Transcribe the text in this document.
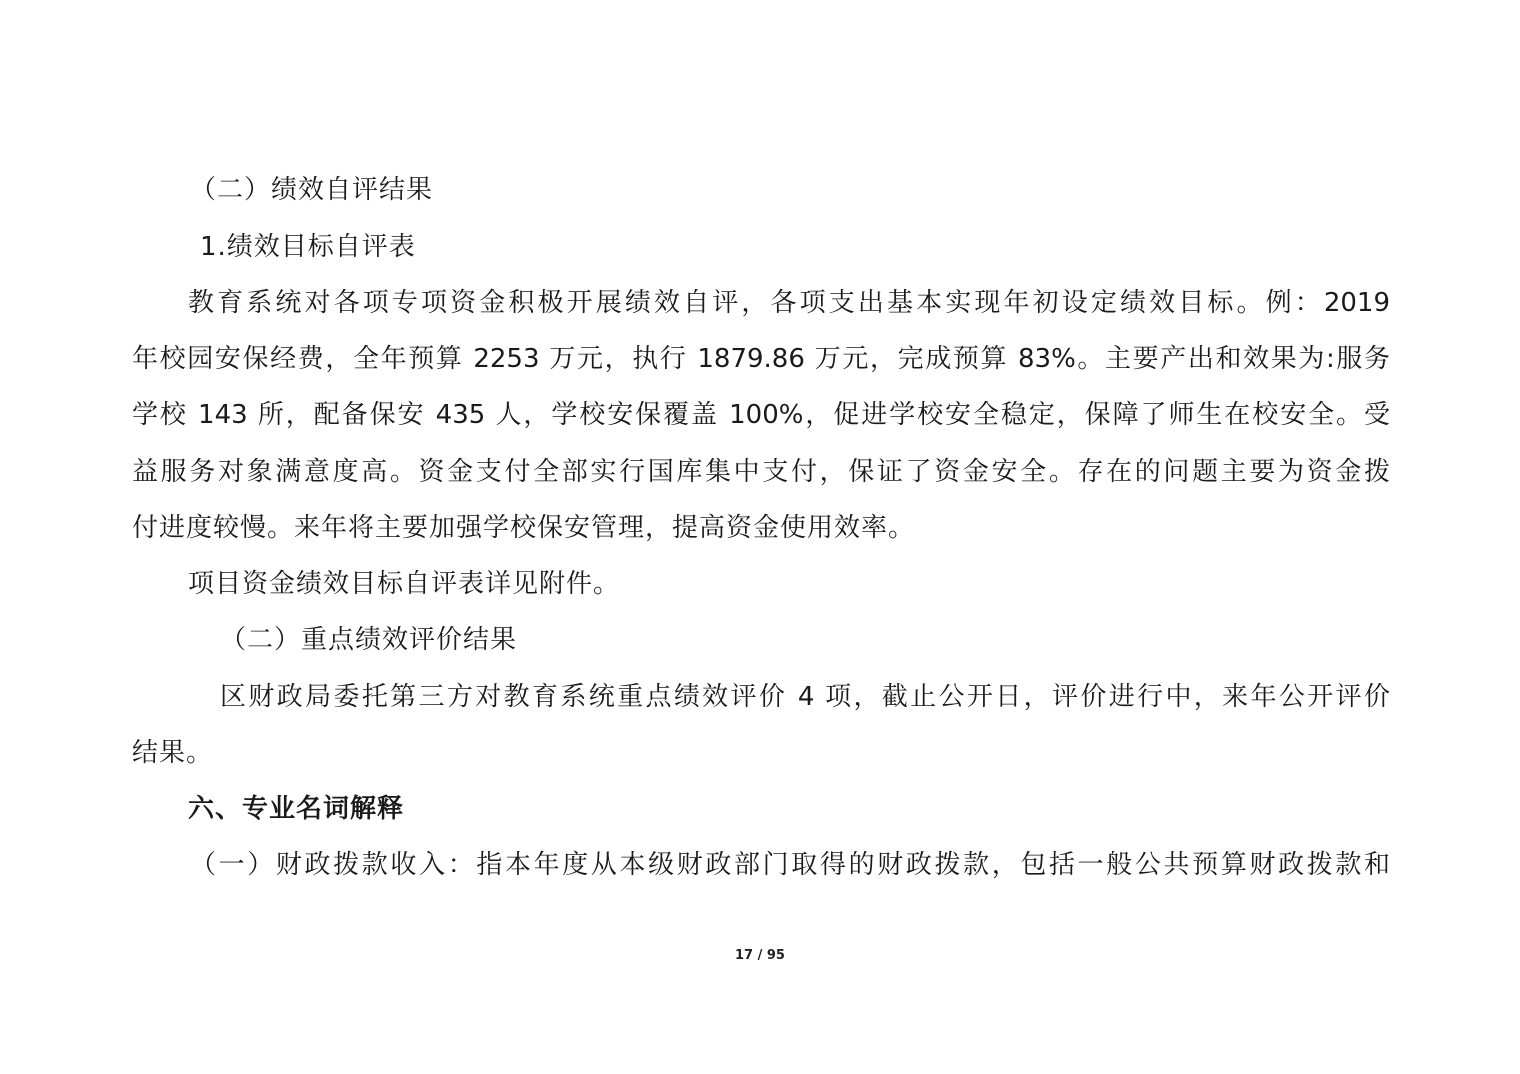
（二）绩效自评结果
1.绩效目标自评表
教育系统对各项专项资金积极开展绩效自评，各项支出基本实现年初设定绩效目标。例：2019
年校园安保经费，全年预算 2253 万元，执行 1879.86 万元，完成预算 83%。主要产出和效果为:服务
学校 143 所，配备保安 435 人，学校安保覆盖 100%，促进学校安全稳定，保障了师生在校安全。受
益服务对象满意度高。资金支付全部实行国库集中支付，保证了资金安全。存在的问题主要为资金拨
付进度较慢。来年将主要加强学校保安管理，提高资金使用效率。
项目资金绩效目标自评表详见附件。
（二）重点绩效评价结果
区财政局委托第三方对教育系统重点绩效评价 4 项，截止公开日，评价进行中，来年公开评价
结果。
六、专业名词解释
（一）财政拨款收入：指本年度从本级财政部门取得的财政拨款，包括一般公共预算财政拨款和
17 / 95
